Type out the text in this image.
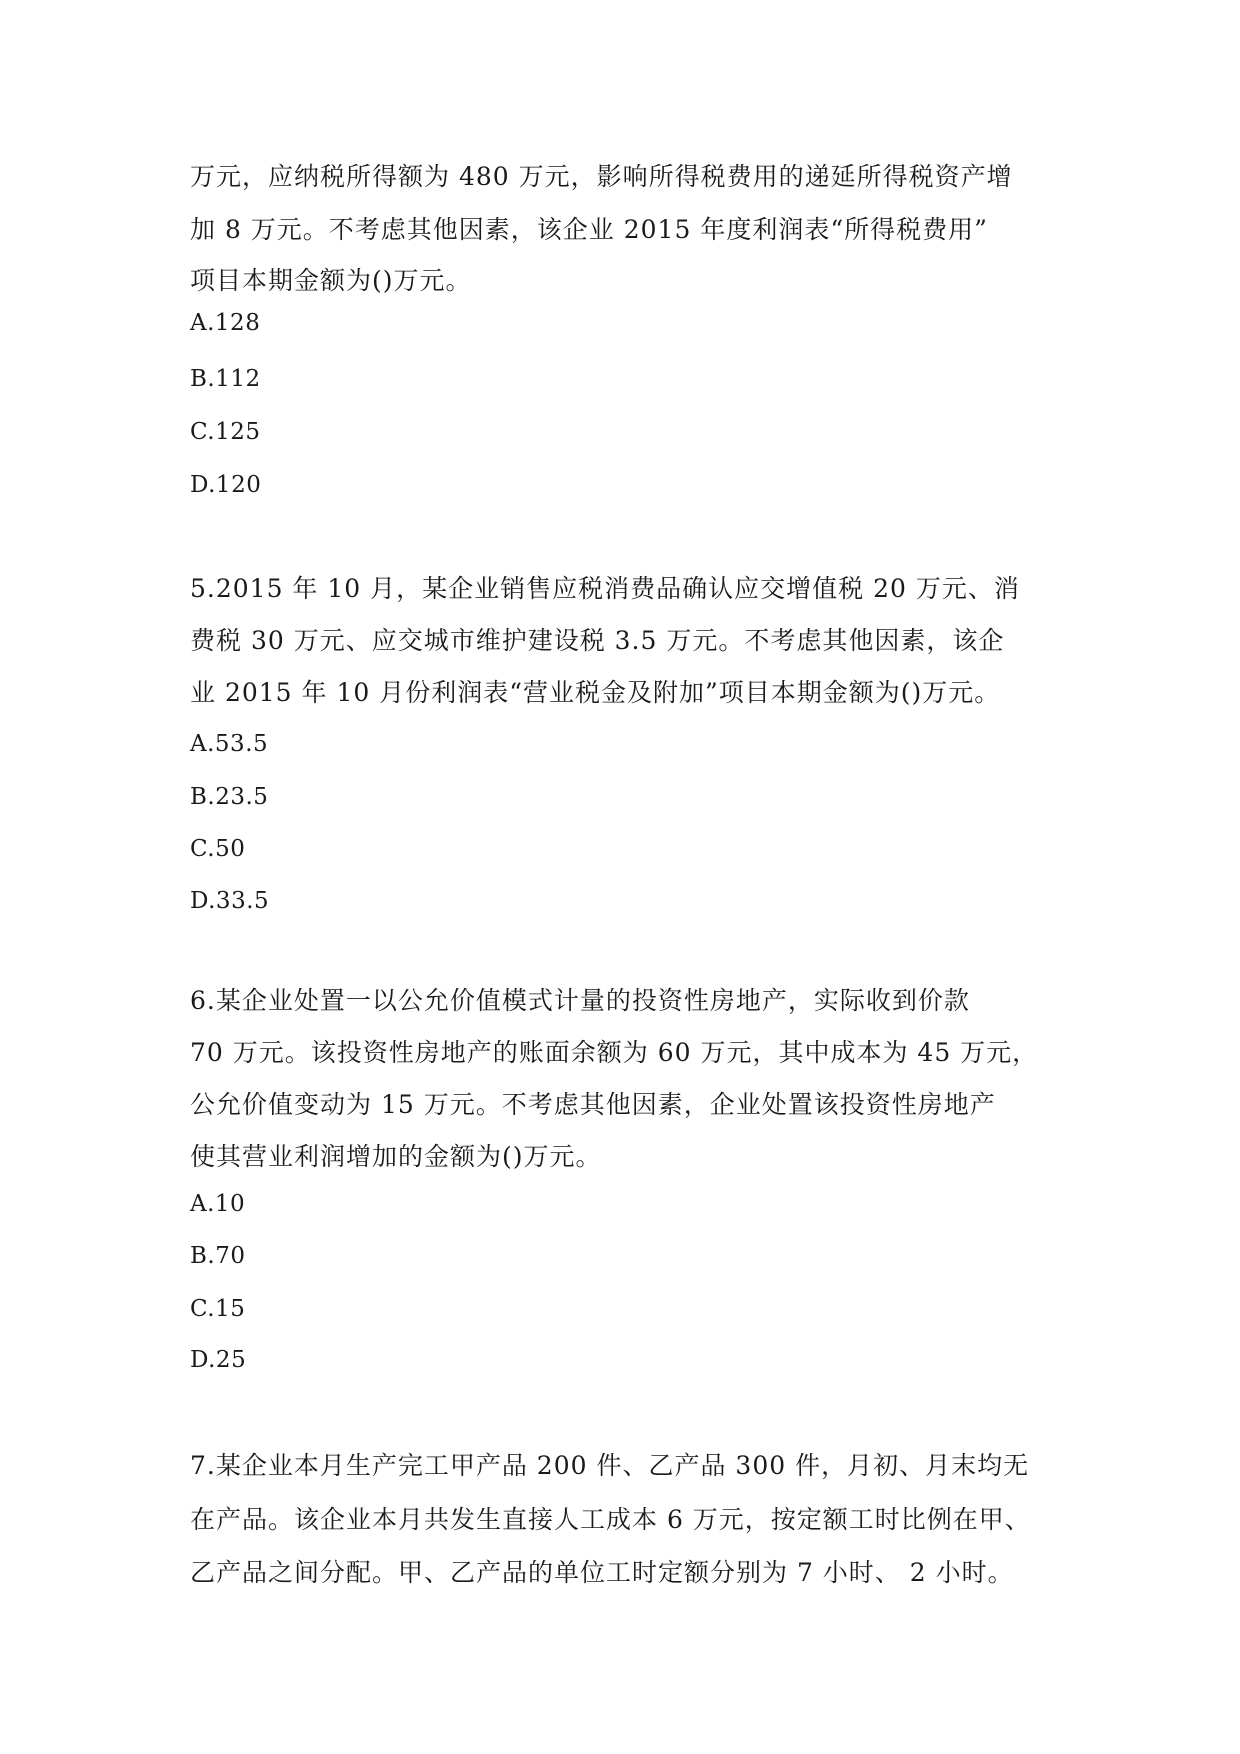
万元，应纳税所得额为 480 万元，影响所得税费用的递延所得税资产增
加 8 万元。不考虑其他因素，该企业 2015 年度利润表“所得税费用”
项目本期金额为()万元。
A.128
B.112
C.125
D.120
5.2015 年 10 月，某企业销售应税消费品确认应交增值税 20 万元、消
费税 30 万元、应交城市维护建设税 3.5 万元。不考虑其他因素，该企
业 2015 年 10 月份利润表“营业税金及附加”项目本期金额为()万元。
A.53.5
B.23.5
C.50
D.33.5
6.某企业处置一以公允价值模式计量的投资性房地产，实际收到价款
70 万元。该投资性房地产的账面余额为 60 万元，其中成本为 45 万元，
公允价值变动为 15 万元。不考虑其他因素，企业处置该投资性房地产
使其营业利润增加的金额为()万元。
A.10
B.70
C.15
D.25
7.某企业本月生产完工甲产品 200 件、乙产品 300 件，月初、月末均无
在产品。该企业本月共发生直接人工成本 6 万元，按定额工时比例在甲、
乙产品之间分配。甲、乙产品的单位工时定额分别为 7 小时、 2 小时。
